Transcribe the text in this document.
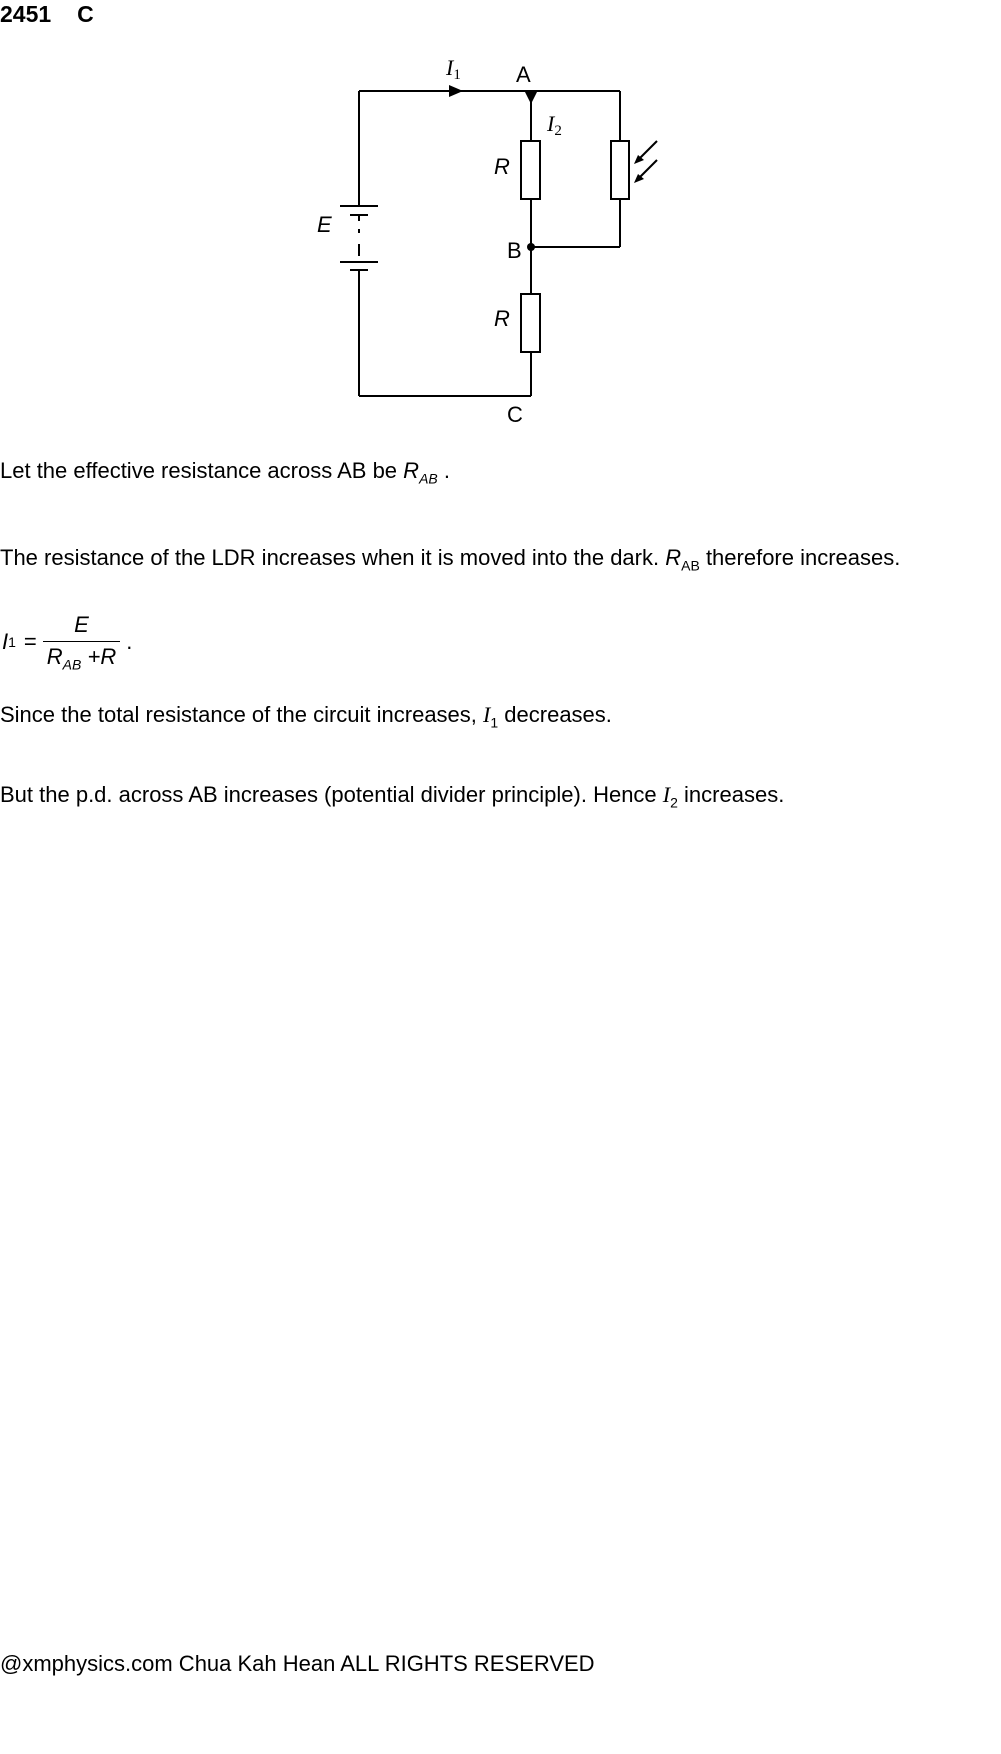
2451 C
I1	A
I2
R
E
B
R
C
Let the effective resistance across AB be $R_{AB}$ .
The resistance of the LDR increases when it is moved into the dark. $R_{AB}$ therefore increases.
I $1 = \frac{E}{R_{AB} +R}$ .
Since the total resistance of the circuit increases, $I_1$ decreases.
But the p.d. across AB increases (potential divider principle). Hence $I_2$ increases.
@xmphysics.com Chua Kah Hean ALL RIGHTS RESERVED
